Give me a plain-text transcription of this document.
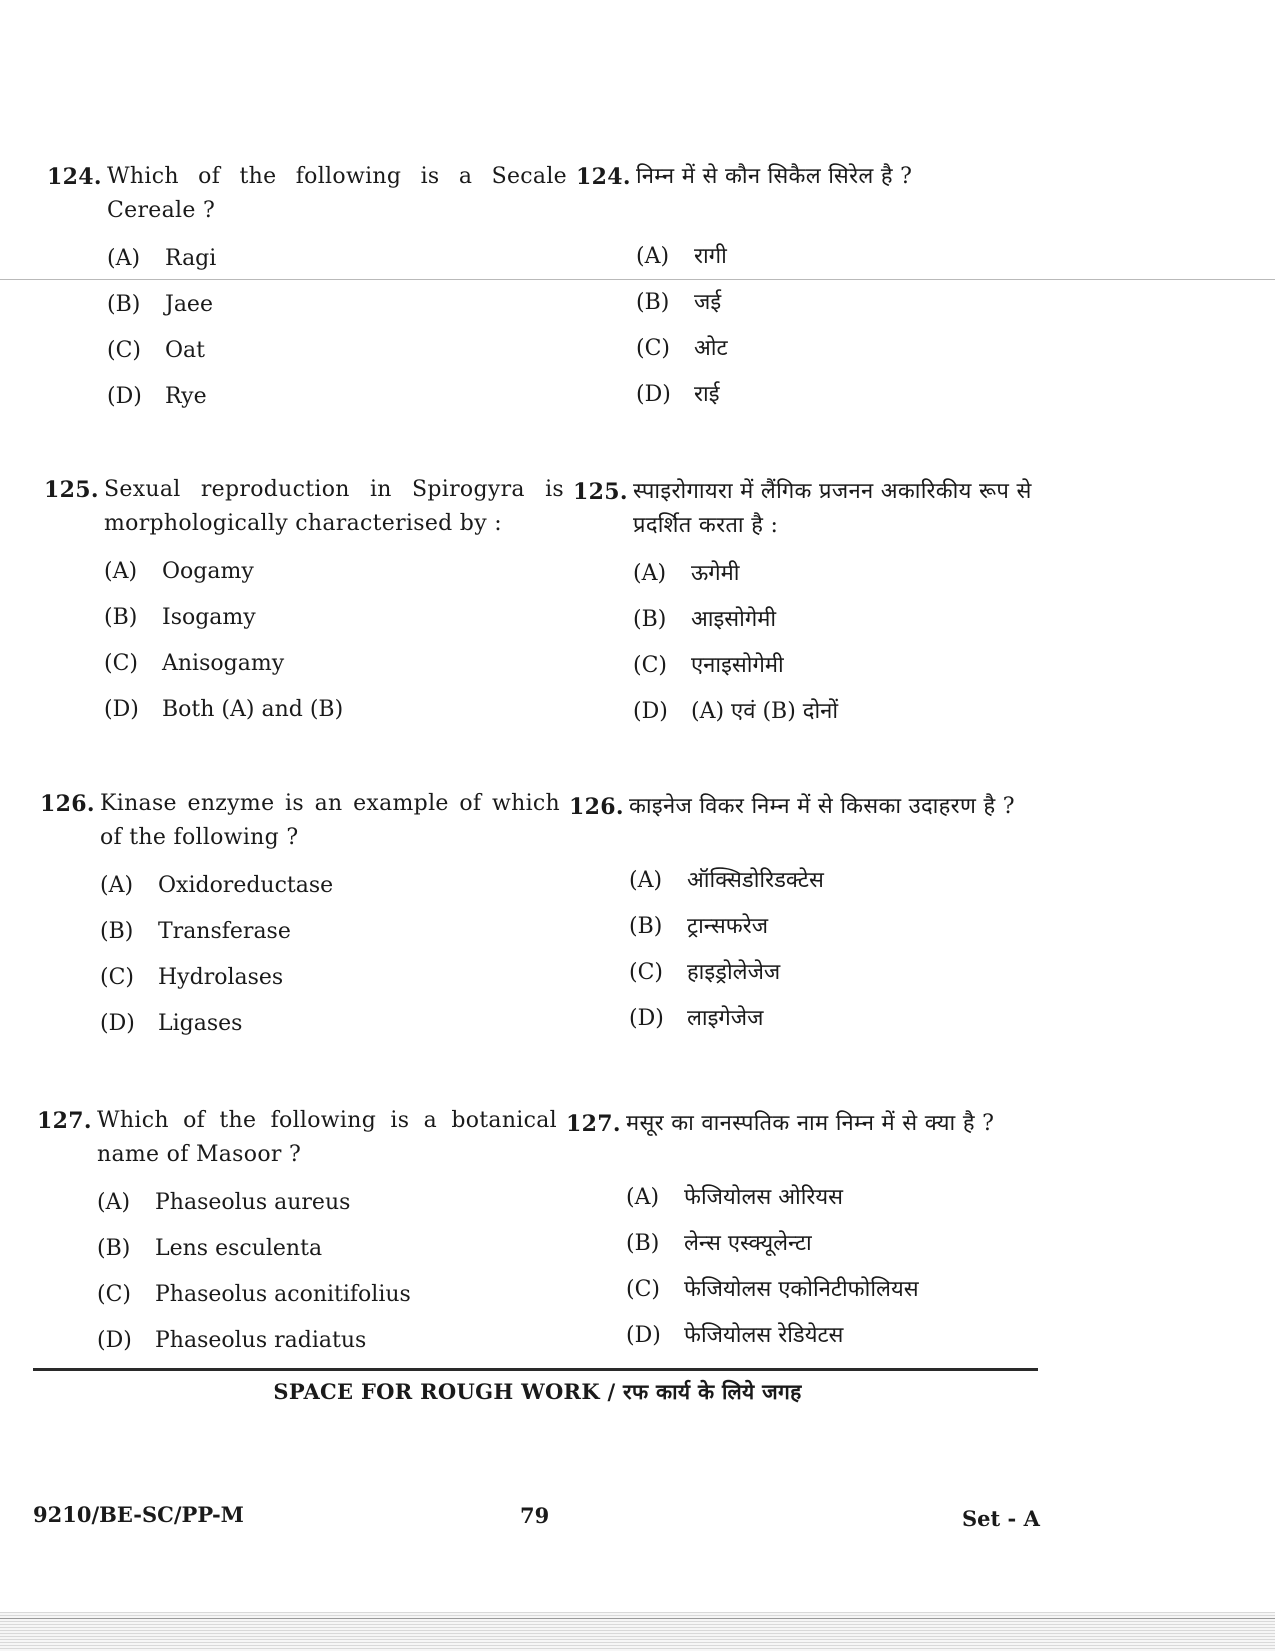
124. Which of the following is a Secale Cereale ?
(A)	Ragi
(B)	Jaee
(C)	Oat
(D)	Rye
124. निम्न में से कौन सिकैल सिरेल है ?
(A)	रागी
(B)	जई
(C)	ओट
(D)	राई
125. Sexual reproduction in Spirogyra is morphologically characterised by :
(A)	Oogamy
(B)	Isogamy
(C)	Anisogamy
(D)	Both (A) and (B)
125. स्पाइरोगायरा में लैंगिक प्रजनन अकारिकीय रूप से प्रदर्शित करता है :
(A)	ऊगेमी
(B)	आइसोगेमी
(C)	एनाइसोगेमी
(D)	(A) एवं (B) दोनों
126. Kinase enzyme is an example of which of the following ?
(A)	Oxidoreductase
(B)	Transferase
(C)	Hydrolases
(D)	Ligases
126. काइनेज विकर निम्न में से किसका उदाहरण है ?
(A)	ऑक्सिडोरिडक्टेस
(B)	ट्रान्सफरेज
(C)	हाइड्रोलेजेज
(D)	लाइगेजेज
127. Which of the following is a botanical name of Masoor ?
(A)	Phaseolus aureus
(B)	Lens esculenta
(C)	Phaseolus aconitifolius
(D)	Phaseolus radiatus
127. मसूर का वानस्पतिक नाम निम्न में से क्या है ?
(A)	फेजियोलस ओरियस
(B)	लेन्स एस्क्यूलेन्टा
(C)	फेजियोलस एकोनिटीफोलियस
(D)	फेजियोलस रेडियेटस
SPACE FOR ROUGH WORK / रफ कार्य के लिये जगह
9210/BE-SC/PP-M	79	Set - A
